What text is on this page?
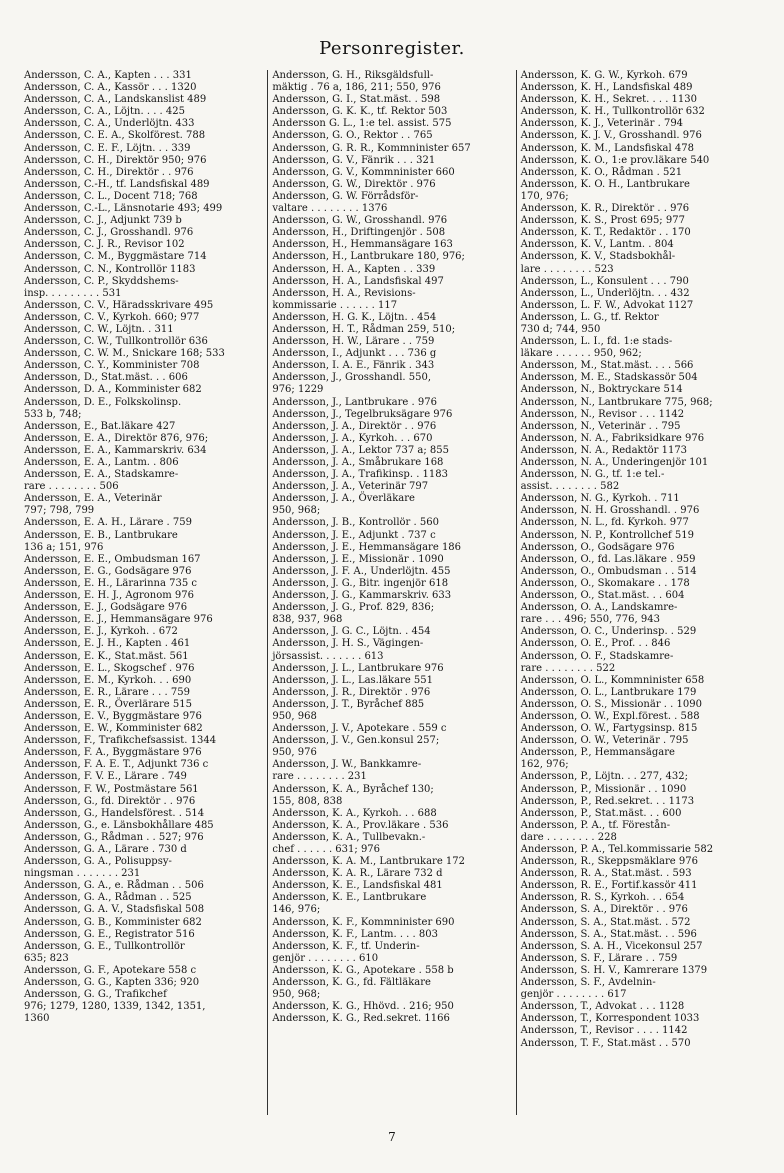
Personregister.
Andersson, C. A., Kapten . . . 331
Andersson, C. A., Kassör . . . 1320
Andersson, C. A., Landskanslist 489
Andersson, C. A., Löjtn. . . . 425
Andersson, C. A., Underlöjtn. 433
Andersson, C. E. A., Skolförest. 788
Andersson, C. E. F., Löjtn. . . 339
Andersson, C. H., Direktör 950; 976
Andersson, C. H., Direktör . . 976
Andersson, C.-H., tf. Landsfiskal 489
Andersson, C. L., Docent 718; 768
Andersson, C.-L., Länsnotarie 493; 499
Andersson, C. J., Adjunkt 739 b
Andersson, C. J., Grosshandl. 976
Andersson, C. J. R., Revisor 102
Andersson, C. M., Byggmästare 714
Andersson, C. N., Kontrollör 1183
Andersson, C. P., Skyddshems-
insp. . . . . . . . . 531
Andersson, C. V., Häradsskrivare 495
Andersson, C. V., Kyrkoh. 660; 977
Andersson, C. W., Löjtn. . 311
Andersson, C. W., Tullkontrollör 636
Andersson, C. W. M., Snickare 168; 533
Andersson, C. Y., Komminister 708
Andersson, D., Stat.mäst. . . 606
Andersson, D. A., Komminister 682
Andersson, D. E., Folkskolinsp.
533 b, 748;
Andersson, E., Bat.läkare 427
Andersson, E. A., Direktör 876, 976;
Andersson, E. A., Kammarskriv. 634
Andersson, E. A., Lantm. . 806
Andersson, E. A., Stadskamre-
rare . . . . . . . . 506
Andersson, E. A., Veterinär
797; 798, 799
Andersson, E. A. H., Lärare . 759
Andersson, E. B., Lantbrukare
136 a; 151, 976
Andersson, E. E., Ombudsman 167
Andersson, E. G., Godsägare 976
Andersson, E. H., Lärarinna 735 c
Andersson, E. H. J., Agronom 976
Andersson, E. J., Godsägare 976
Andersson, E. J., Hemmansägare 976
Andersson, E. J., Kyrkoh. . 672
Andersson, E. J. H., Kapten . 461
Andersson, E. K., Stat.mäst. 561
Andersson, E. L., Skogschef . 976
Andersson, E. M., Kyrkoh. . . 690
Andersson, E. R., Lärare . . . 759
Andersson, E. R., Överlärare 515
Andersson, E. V., Byggmästare 976
Andersson, E. W., Komminister 682
Andersson, F., Trafikchefsassist. 1344
Andersson, F. A., Byggmästare 976
Andersson, F. A. E. T., Adjunkt 736 c
Andersson, F. V. E., Lärare . 749
Andersson, F. W., Postmästare 561
Andersson, G., fd. Direktör . . 976
Andersson, G., Handelsförest. . 514
Andersson, G., e. Länsbokhållare 485
Andersson, G., Rådman . . 527; 976
Andersson, G. A., Lärare . 730 d
Andersson, G. A., Polisuppsy-
ningsman . . . . . . . 231
Andersson, G. A., e. Rådman . . 506
Andersson, G. A., Rådman . . 525
Andersson, G. A. V., Stadsfiskal 508
Andersson, G. B., Komminister 682
Andersson, G. E., Registrator 516
Andersson, G. E., Tullkontrollör
635; 823
Andersson, G. F., Apotekare 558 c
Andersson, G. G., Kapten 336; 920
Andersson, G. G., Trafikchef
976; 1279, 1280, 1339, 1342, 1351,
1360
Andersson, G. H., Riksgäldsfull-
mäktig . 76 a, 186, 211; 550, 976
Andersson, G. I., Stat.mäst. . 598
Andersson, G. K. K., tf. Rektor 503
Andersson G. L., 1:e tel. assist. 575
Andersson, G. O., Rektor . . 765
Andersson, G. R. R., Kommninister 657
Andersson, G. V., Fänrik . . . 321
Andersson, G. V., Kommninister 660
Andersson, G. W., Direktör . 976
Andersson, G. W. Förrådsför-
valtare . . . . . . . . 1376
Andersson, G. W., Grosshandl. 976
Andersson, H., Driftingenjör . 508
Andersson, H., Hemmansägare 163
Andersson, H., Lantbrukare 180, 976;
Andersson, H. A., Kapten . . 339
Andersson, H. A., Landsfiskal 497
Andersson, H. A., Revisions-
kommissarie . . . . . . 117
Andersson, H. G. K., Löjtn. . 454
Andersson, H. T., Rådman 259, 510;
Andersson, H. W., Lärare . . 759
Andersson, I., Adjunkt . . . 736 g
Andersson, I. A. E., Fänrik . 343
Andersson, J., Grosshandl. 550,
976; 1229
Andersson, J., Lantbrukare . 976
Andersson, J., Tegelbruksägare 976
Andersson, J. A., Direktör . . 976
Andersson, J. A., Kyrkoh. . . 670
Andersson, J. A., Lektor 737 a; 855
Andersson, J. A., Småbrukare 168
Andersson, J. A., Trafikinsp. . 1183
Andersson, J. A., Veterinär 797
Andersson, J. A., Överläkare
950, 968;
Andersson, J. B., Kontrollör . 560
Andersson, J. E., Adjunkt . 737 c
Andersson, J. E., Hemmansägare 186
Andersson, J. E., Missionär . 1090
Andersson, J. F. A., Underlöjtn. 455
Andersson, J. G., Bitr. ingenjör 618
Andersson, J. G., Kammarskriv. 633
Andersson, J. G., Prof. 829, 836;
838, 937, 968
Andersson, J. G. C., Löjtn. . 454
Andersson, J. H. S., Vägingen-
jörsassist. . . . . . . 613
Andersson, J. L., Lantbrukare 976
Andersson, J. L., Las.läkare 551
Andersson, J. R., Direktör . 976
Andersson, J. T., Byråchef 885
950, 968
Andersson, J. V., Apotekare . 559 c
Andersson, J. V., Gen.konsul 257;
950, 976
Andersson, J. W., Bankkamre-
rare . . . . . . . . 231
Andersson, K. A., Byråchef 130;
155, 808, 838
Andersson, K. A., Kyrkoh. . . 688
Andersson, K. A., Prov.läkare . 536
Andersson, K. A., Tullbevakn.-
chef . . . . . . 631; 976
Andersson, K. A. M., Lantbrukare 172
Andersson, K. A. R., Lärare 732 d
Andersson, K. E., Landsfiskal 481
Andersson, K. E., Lantbrukare
146, 976;
Andersson, K. F., Kommninister 690
Andersson, K. F., Lantm. . . . 803
Andersson, K. F., tf. Underin-
genjör . . . . . . . . 610
Andersson, K. G., Apotekare . 558 b
Andersson, K. G., fd. Fältläkare
950, 968;
Andersson, K. G., Hhövd. . 216; 950
Andersson, K. G., Red.sekret. 1166
Andersson, K. G. W., Kyrkoh. 679
Andersson, K. H., Landsfiskal 489
Andersson, K. H., Sekret. . . . 1130
Andersson, K. H., Tullkontrollör 632
Andersson, K. J., Veterinär . 794
Andersson, K. J. V., Grosshandl. 976
Andersson, K. M., Landsfiskal 478
Andersson, K. O., 1:e prov.läkare 540
Andersson, K. O., Rådman . 521
Andersson, K. O. H., Lantbrukare
170, 976;
Andersson, K. R., Direktör . . 976
Andersson, K. S., Prost 695; 977
Andersson, K. T., Redaktör . . 170
Andersson, K. V., Lantm. . 804
Andersson, K. V., Stadsbokhål-
lare . . . . . . . . 523
Andersson, L., Konsulent . . . 790
Andersson, L., Underlöjtn. . . 432
Andersson, L. F. W., Advokat 1127
Andersson, L. G., tf. Rektor
730 d; 744, 950
Andersson, L. I., fd. 1:e stads-
läkare . . . . . . 950, 962;
Andersson, M., Stat.mäst. . . . 566
Andersson, M. E., Stadskassör 504
Andersson, N., Boktryckare 514
Andersson, N., Lantbrukare 775, 968;
Andersson, N., Revisor . . . 1142
Andersson, N., Veterinär . . 795
Andersson, N. A., Fabriksidkare 976
Andersson, N. A., Redaktör 1173
Andersson, N. A., Underingenjör 101
Andersson, N. G., tf. 1:e tel.-
assist. . . . . . . . 582
Andersson, N. G., Kyrkoh. . 711
Andersson, N. H. Grosshandl. . 976
Andersson, N. L., fd. Kyrkoh. 977
Andersson, N. P., Kontrollchef 519
Andersson, O., Godsägare 976
Andersson, O., fd. Las.läkare . 959
Andersson, O., Ombudsman . . 514
Andersson, O., Skomakare . . 178
Andersson, O., Stat.mäst. . . 604
Andersson, O. A., Landskamre-
rare . . . 496; 550, 776, 943
Andersson, O. C., Underinsp. . 529
Andersson, O. E., Prof. . . 846
Andersson, O. F., Stadskamre-
rare . . . . . . . . 522
Andersson, O. L., Kommninister 658
Andersson, O. L., Lantbrukare 179
Andersson, O. S., Missionär . . 1090
Andersson, O. W., Expl.förest. . 588
Andersson, O. W., Fartygsinsp. 815
Andersson, O. W., Veterinär . 795
Andersson, P., Hemmansägare
162, 976;
Andersson, P., Löjtn. . . 277, 432;
Andersson, P., Missionär . . 1090
Andersson, P., Red.sekret. . . 1173
Andersson, P., Stat.mäst. . . 600
Andersson, P. A., tf. Förestån-
dare . . . . . . . . 228
Andersson, P. A., Tel.kommissarie 582
Andersson, R., Skeppsmäklare 976
Andersson, R. A., Stat.mäst. . 593
Andersson, R. E., Fortif.kassör 411
Andersson, R. S., Kyrkoh. . . 654
Andersson, S. A., Direktör . . 976
Andersson, S. A., Stat.mäst. . 572
Andersson, S. A., Stat.mäst. . . 596
Andersson, S. A. H., Vicekonsul 257
Andersson, S. F., Lärare . . 759
Andersson, S. H. V., Kamrerare 1379
Andersson, S. F., Avdelnin-
genjör . . . . . . . . 617
Andersson, T., Advokat . . . 1128
Andersson, T., Korrespondent 1033
Andersson, T., Revisor . . . . 1142
Andersson, T. F., Stat.mäst . . 570
7
